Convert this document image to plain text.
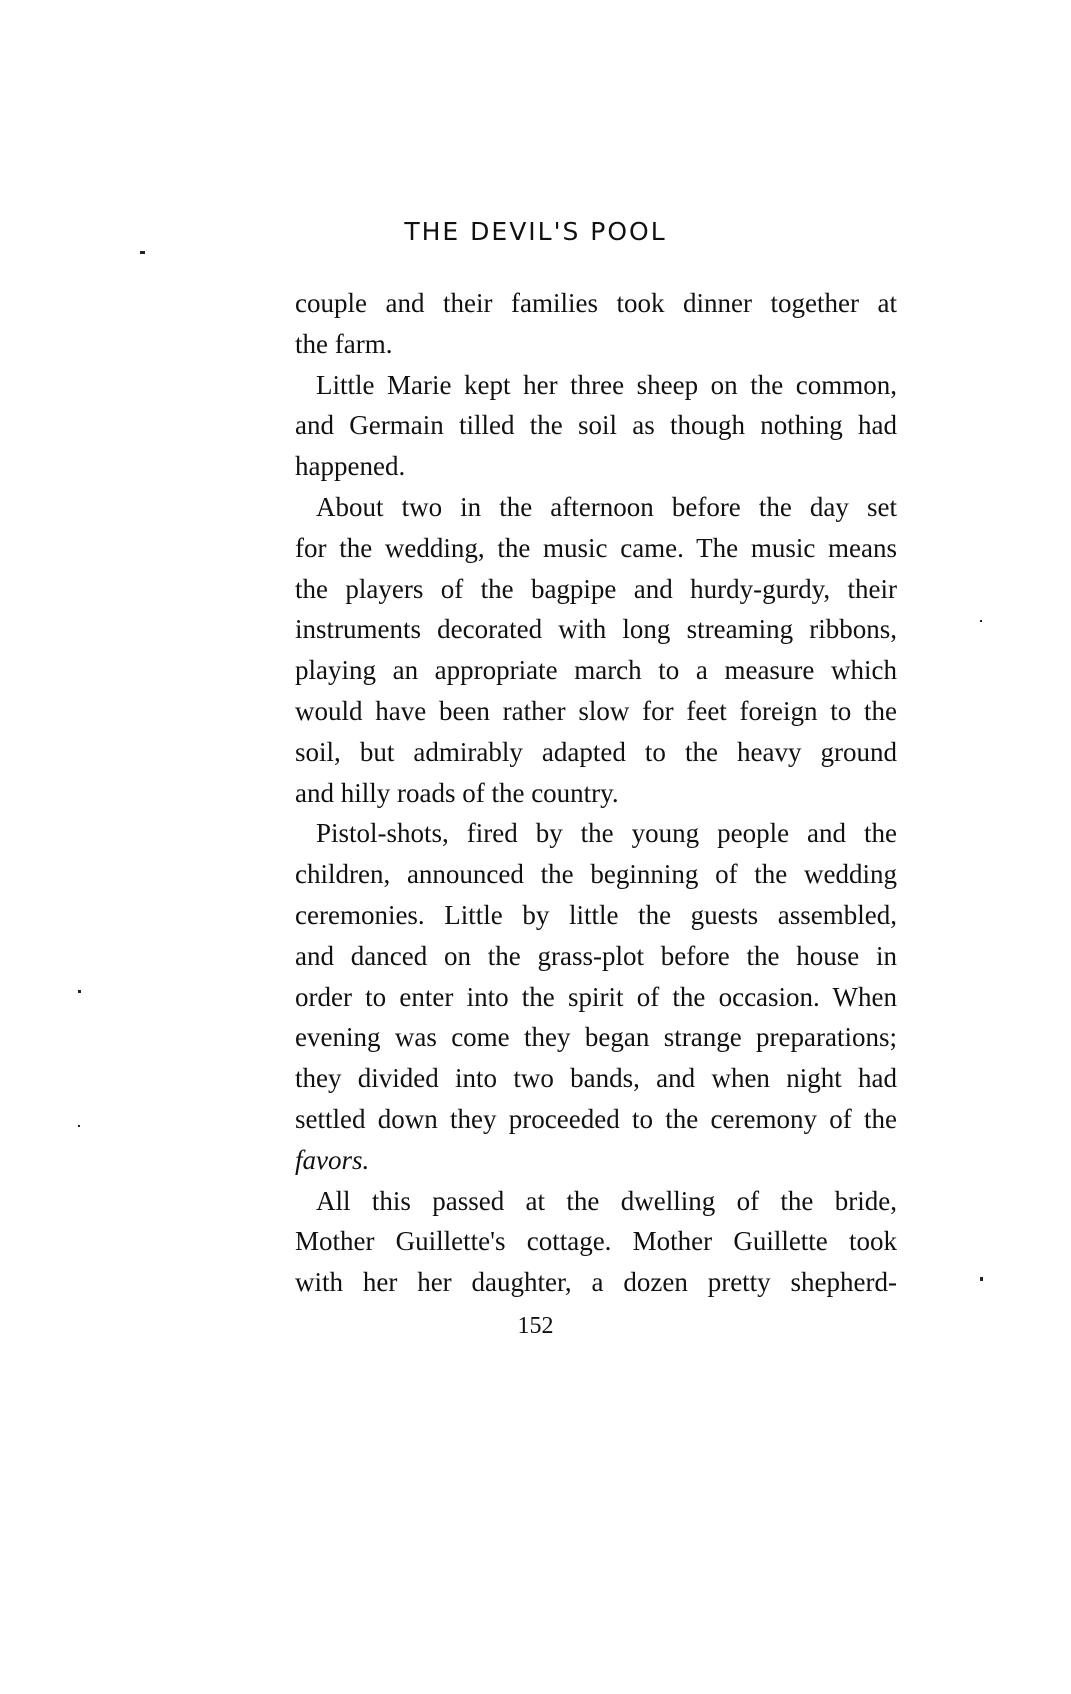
THE DEVIL'S POOL
couple and their families took dinner together at
the farm.
Little Marie kept her three sheep on the common,
and Germain tilled the soil as though nothing had
happened.
About two in the afternoon before the day set
for the wedding, the music came. The music means
the players of the bagpipe and hurdy-gurdy, their
instruments decorated with long streaming ribbons,
playing an appropriate march to a measure which
would have been rather slow for feet foreign to the
soil, but admirably adapted to the heavy ground
and hilly roads of the country.
Pistol-shots, fired by the young people and the
children, announced the beginning of the wedding
ceremonies. Little by little the guests assembled,
and danced on the grass-plot before the house in
order to enter into the spirit of the occasion. When
evening was come they began strange preparations;
they divided into two bands, and when night had
settled down they proceeded to the ceremony of the
favors.
All this passed at the dwelling of the bride,
Mother Guillette's cottage. Mother Guillette took
with her her daughter, a dozen pretty shepherd-
152
